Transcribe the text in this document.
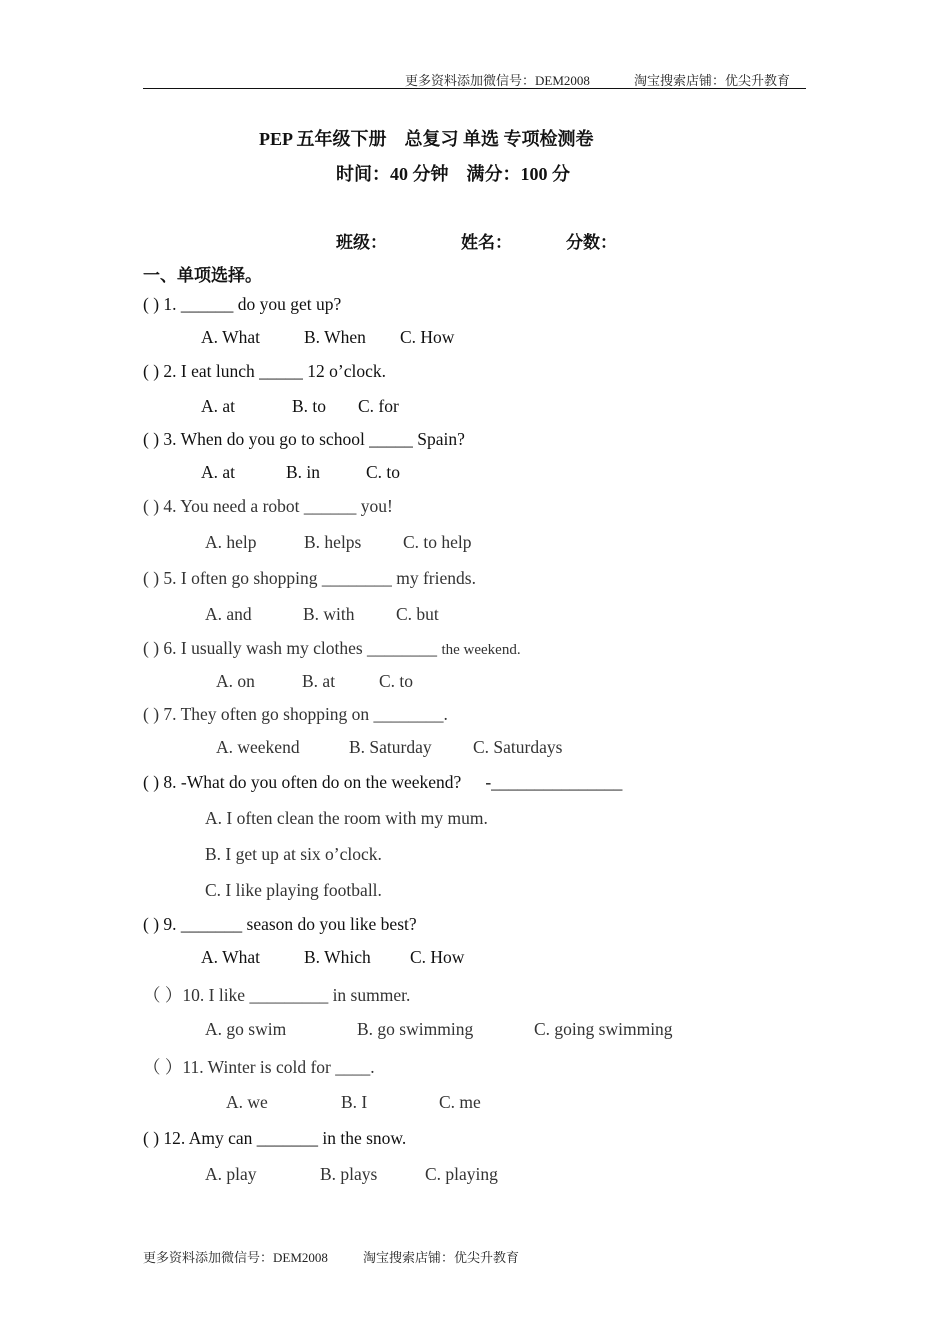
更多资料添加微信号：DEM2008	淘宝搜索店铺：优尖升教育
PEP 五年级下册　总复习 单选 专项检测卷
时间：40 分钟　满分：100 分
班级：	姓名：	分数：
一、单项选择。
( ) 1. ______ do you get up?
A. What	B. When C. How
( ) 2. I eat lunch _____ 12 o’clock.
A. at	B. to C. for
( ) 3. When do you go to school _____ Spain?
A. at	B. in	C. to
( ) 4. You need a robot ______ you!
A. help	B. helps C. to help
( ) 5. I often go shopping ________ my friends.
A. and	B. with C. but
( ) 6. I usually wash my clothes ________ the weekend.
A. on	B. at	C. to
( ) 7. They often go shopping on ________.
A. weekend	B. Saturday C. Saturdays
( ) 8. -What do you often do on the weekend? -_______________
A. I often clean the room with my mum.
B. I get up at six o’clock.
C. I like playing football.
( ) 9. _______ season do you like best?
A. What	B. Which C. How
（ ）10. I like _________ in summer.
A. go swim	B. go swimming	C. going swimming
（ ）11. Winter is cold for ____.
A. we	B. I	C. me
( ) 12. Amy can _______ in the snow.
A. play	B. plays	C. playing
更多资料添加微信号：DEM2008	淘宝搜索店铺：优尖升教育
